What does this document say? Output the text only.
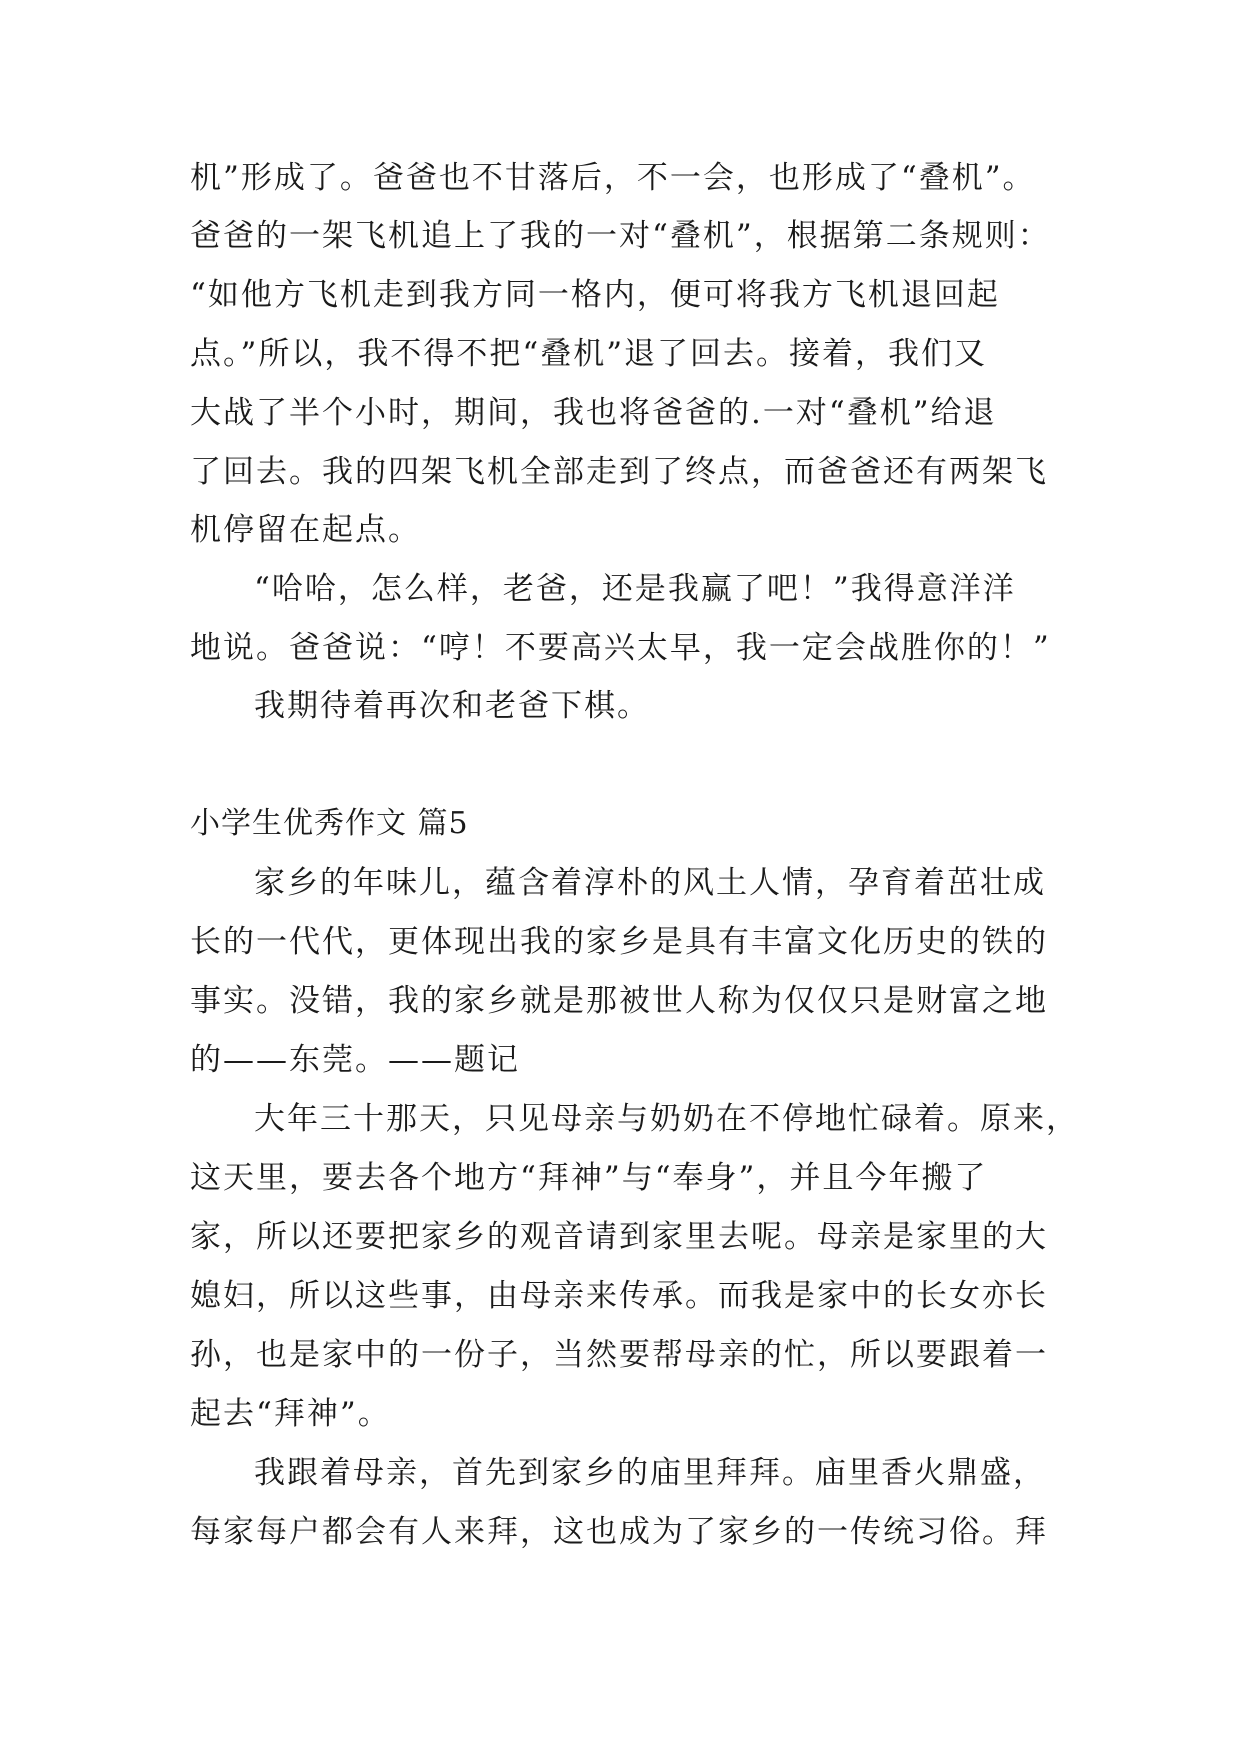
机”形成了。爸爸也不甘落后，不一会，也形成了“叠机”。
爸爸的一架飞机追上了我的一对“叠机”，根据第二条规则：
“如他方飞机走到我方同一格内，便可将我方飞机退回起
点。”所以，我不得不把“叠机”退了回去。接着，我们又
大战了半个小时，期间，我也将爸爸的.一对“叠机”给退
了回去。我的四架飞机全部走到了终点，而爸爸还有两架飞
机停留在起点。
“哈哈，怎么样，老爸，还是我赢了吧！”我得意洋洋
地说。爸爸说：“哼！不要高兴太早，我一定会战胜你的！”
我期待着再次和老爸下棋。
小学生优秀作文 篇5
家乡的年味儿，蕴含着淳朴的风土人情，孕育着茁壮成
长的一代代，更体现出我的家乡是具有丰富文化历史的铁的
事实。没错，我的家乡就是那被世人称为仅仅只是财富之地
的——东莞。——题记
大年三十那天，只见母亲与奶奶在不停地忙碌着。原来，
这天里，要去各个地方“拜神”与“奉身”，并且今年搬了
家，所以还要把家乡的观音请到家里去呢。母亲是家里的大
媳妇，所以这些事，由母亲来传承。而我是家中的长女亦长
孙，也是家中的一份子，当然要帮母亲的忙，所以要跟着一
起去“拜神”。
我跟着母亲，首先到家乡的庙里拜拜。庙里香火鼎盛，
每家每户都会有人来拜，这也成为了家乡的一传统习俗。拜
